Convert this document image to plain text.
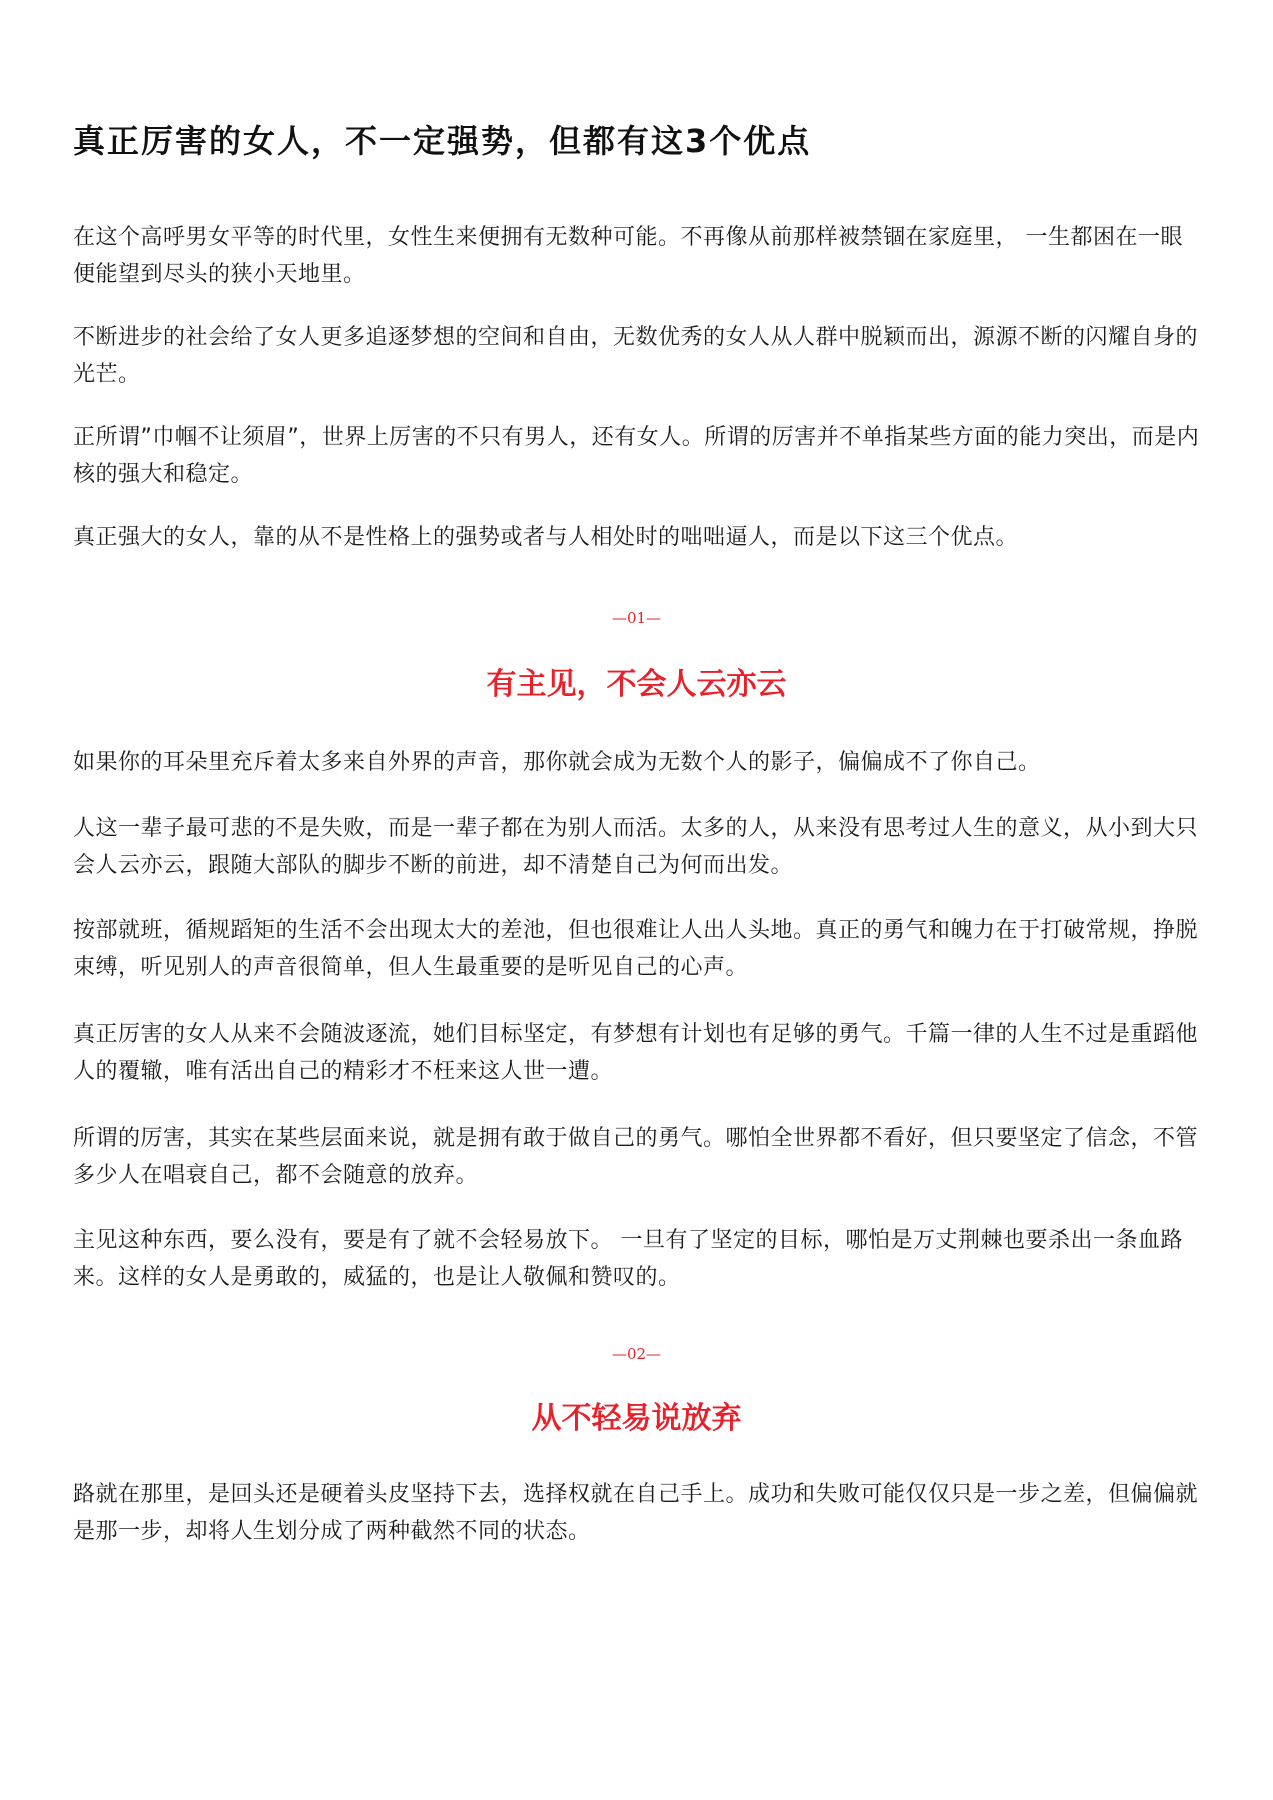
真正厉害的女人，不一定强势，但都有这3个优点

在这个高呼男女平等的时代里，女性生来便拥有无数种可能。不再像从前那样被禁锢在家庭里， 一生都困在一眼便能望到尽头的狭小天地里。

不断进步的社会给了女人更多追逐梦想的空间和自由，无数优秀的女人从人群中脱颖而出，源源不断的闪耀自身的光芒。

正所谓”巾帼不让须眉”，世界上厉害的不只有男人，还有女人。所谓的厉害并不单指某些方面的能力突出，而是内核的强大和稳定。

真正强大的女人，靠的从不是性格上的强势或者与人相处时的咄咄逼人，而是以下这三个优点。

—01—
有主见，不会人云亦云

如果你的耳朵里充斥着太多来自外界的声音，那你就会成为无数个人的影子，偏偏成不了你自己。

人这一辈子最可悲的不是失败，而是一辈子都在为别人而活。太多的人，从来没有思考过人生的意义，从小到大只会人云亦云，跟随大部队的脚步不断的前进，却不清楚自己为何而出发。

按部就班，循规蹈矩的生活不会出现太大的差池，但也很难让人出人头地。真正的勇气和魄力在于打破常规，挣脱束缚，听见别人的声音很简单，但人生最重要的是听见自己的心声。

真正厉害的女人从来不会随波逐流，她们目标坚定，有梦想有计划也有足够的勇气。千篇一律的人生不过是重蹈他人的覆辙，唯有活出自己的精彩才不枉来这人世一遭。

所谓的厉害，其实在某些层面来说，就是拥有敢于做自己的勇气。哪怕全世界都不看好，但只要坚定了信念，不管多少人在唱衰自己，都不会随意的放弃。

主见这种东西，要么没有，要是有了就不会轻易放下。 一旦有了坚定的目标，哪怕是万丈荆棘也要杀出一条血路来。这样的女人是勇敢的，威猛的，也是让人敬佩和赞叹的。

—02—
从不轻易说放弃

路就在那里，是回头还是硬着头皮坚持下去，选择权就在自己手上。成功和失败可能仅仅只是一步之差，但偏偏就是那一步，却将人生划分成了两种截然不同的状态。
